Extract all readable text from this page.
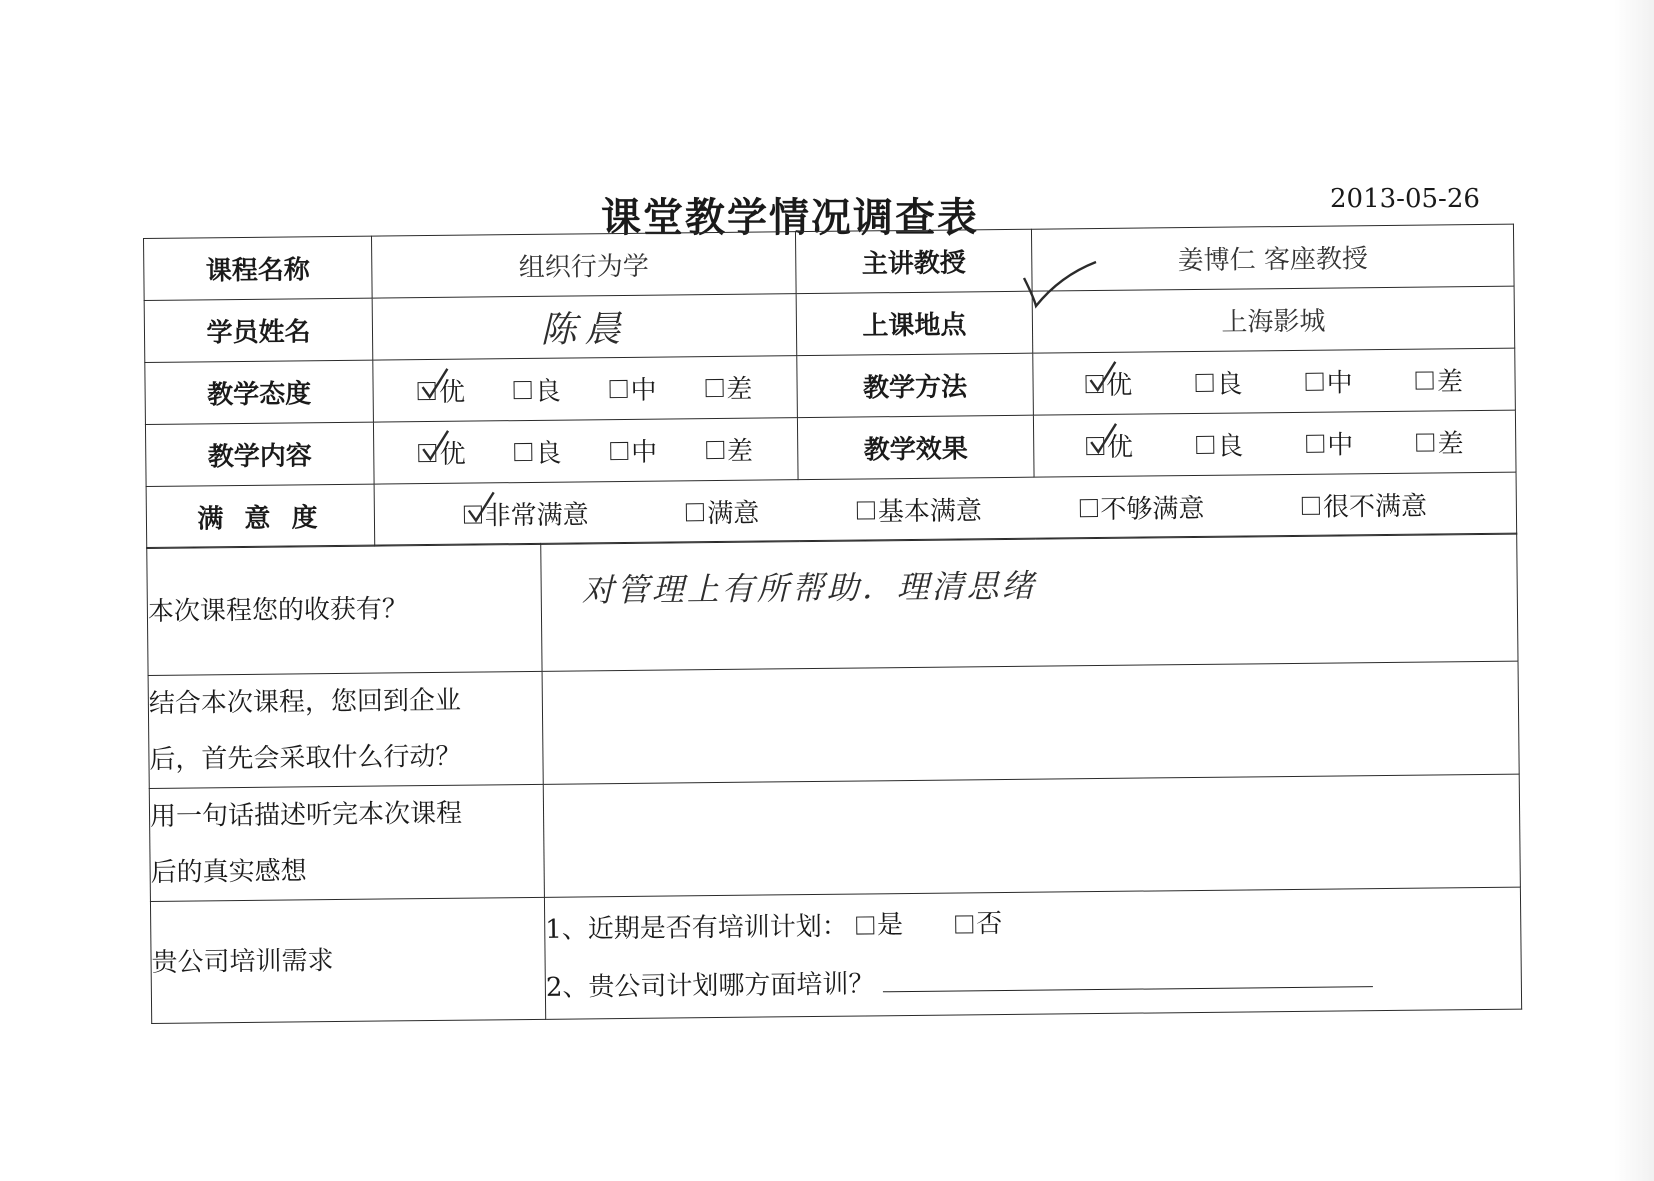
课堂教学情况调查表	2013-05-26
课程名称	组织行为学	主讲教授	姜博仁 客座教授
学员姓名	陈晨	上课地点	上海影城
教学态度	优 良 中 差	教学方法	优 良 中 差

教学内容	优 良 中 差	教学效果	优 良 中 差

满 意 度	非常满意 满意 基本满意 不够满意 很不满意		
本次课程您的收获有？	对管理上有所帮助．理清思绪

结合本次课程，您回到企业
后，首先会采取什么行动？	

用一句话描述听完本次课程
后的真实感想	

贵公司培训需求	1、近期是否有培训计划： 是
否
2、贵公司计划哪方面培训？
